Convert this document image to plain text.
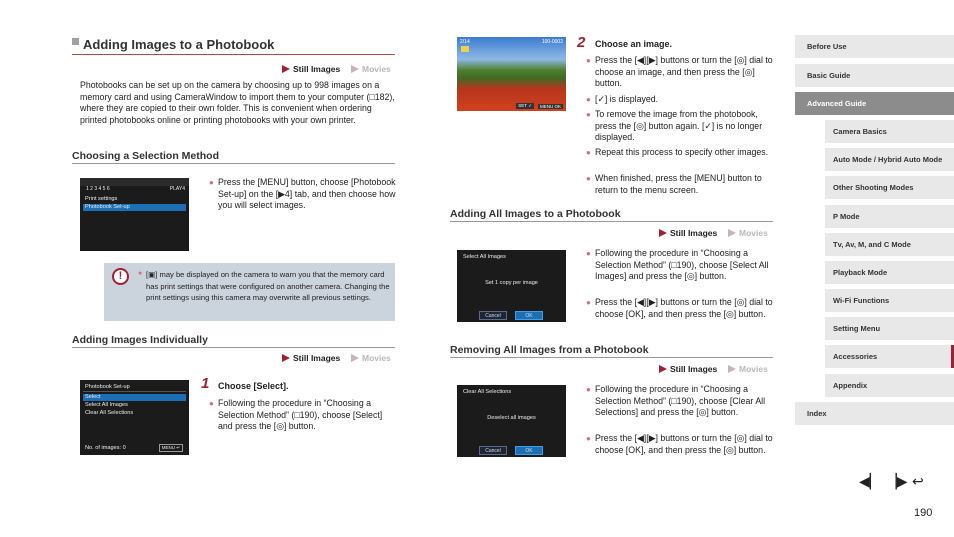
Adding Images to a Photobook
Still Images
	Movies
Photobooks can be set up on the camera by choosing up to 998 images on a memory card and using CameraWindow to import them to your computer (□182), where they are copied to their own folder. This is convenient when ordering printed photobooks online or printing photobooks with your own printer.
Choosing a Selection Method
1 2 3 4 5 6	PLAY4
Print settings
Photobook Set-up
● Press the [MENU] button, choose [Photobook Set-up] on the [▶4] tab, and then choose how you will select images.
!	● [▣] may be displayed on the camera to warn you that the memory card has print settings that were configured on another camera. Changing the print settings using this camera may overwrite all previous settings.
Adding Images Individually
Still Images
	Movies
Photobook Set-up
Select
Select All Images
Clear All Selections
No. of images: 0	MENU ↵
1 Choose [Select].
● Following the procedure in “Choosing a Selection Method” (□190), choose [Select] and press the [◎] button.
2/14	100-0002
MENU OK
SET ✓
2 Choose an image.
● Press the [◀][▶] buttons or turn the [◎] dial to choose an image, and then press the [◎] button.
● [✓] is displayed.
● To remove the image from the photobook, press the [◎] button again. [✓] is no longer displayed.
● Repeat this process to specify other images.
● When finished, press the [MENU] button to return to the menu screen.
Adding All Images to a Photobook
Still Images
	Movies
Select All Images
Set 1 copy per image
Cancel	OK
● Following the procedure in “Choosing a Selection Method” (□190), choose [Select All Images] and press the [◎] button.
● Press the [◀][▶] buttons or turn the [◎] dial to choose [OK], and then press the [◎] button.
Removing All Images from a Photobook
Still Images
	Movies
Clear All Selections
Deselect all images
Cancel	OK
● Following the procedure in “Choosing a Selection Method” (□190), choose [Clear All Selections] and press the [◎] button.
● Press the [◀][▶] buttons or turn the [◎] dial to choose [OK], and then press the [◎] button.
Before Use
Basic Guide
Advanced Guide
Camera Basics
Auto Mode / Hybrid Auto Mode
Other Shooting Modes
P Mode
Tv, Av, M, and C Mode
Playback Mode
Wi-Fi Functions
Setting Menu
Accessories
Appendix
Index
◀▏ ▕▶ ↩
190
